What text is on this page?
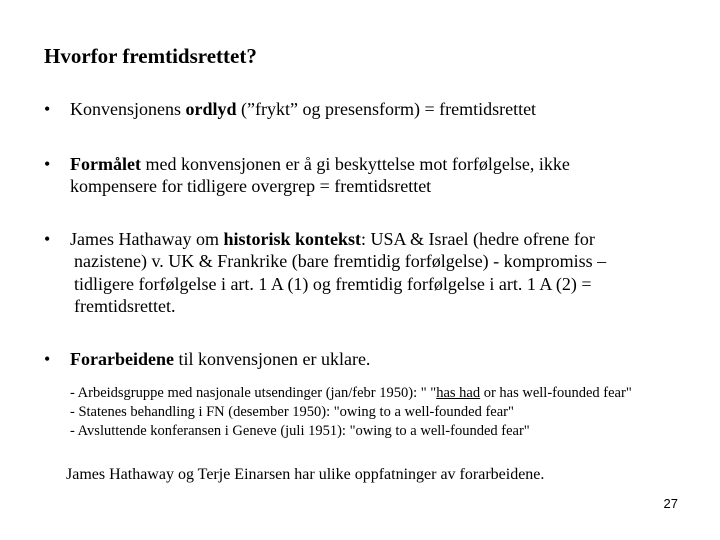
Hvorfor fremtidsrettet?
• Konvensjonens ordlyd (”frykt” og presensform) = fremtidsrettet
• Formålet med konvensjonen er å gi beskyttelse mot forfølgelse, ikke
kompensere for tidligere overgrep = fremtidsrettet
• James Hathaway om historisk kontekst: USA & Israel (hedre ofrene for
nazistene) v. UK & Frankrike (bare fremtidig forfølgelse) - kompromiss –
tidligere forfølgelse i art. 1 A (1) og fremtidig forfølgelse i art. 1 A (2) =
fremtidsrettet.
• Forarbeidene til konvensjonen er uklare.
- Arbeidsgruppe med nasjonale utsendinger (jan/febr 1950): " "has had or has well-founded fear"
- Statenes behandling i FN (desember 1950): "owing to a well-founded fear"
- Avsluttende konferansen i Geneve (juli 1951): "owing to a well-founded fear"

James Hathaway og Terje Einarsen har ulike oppfatninger av forarbeidene.

27
